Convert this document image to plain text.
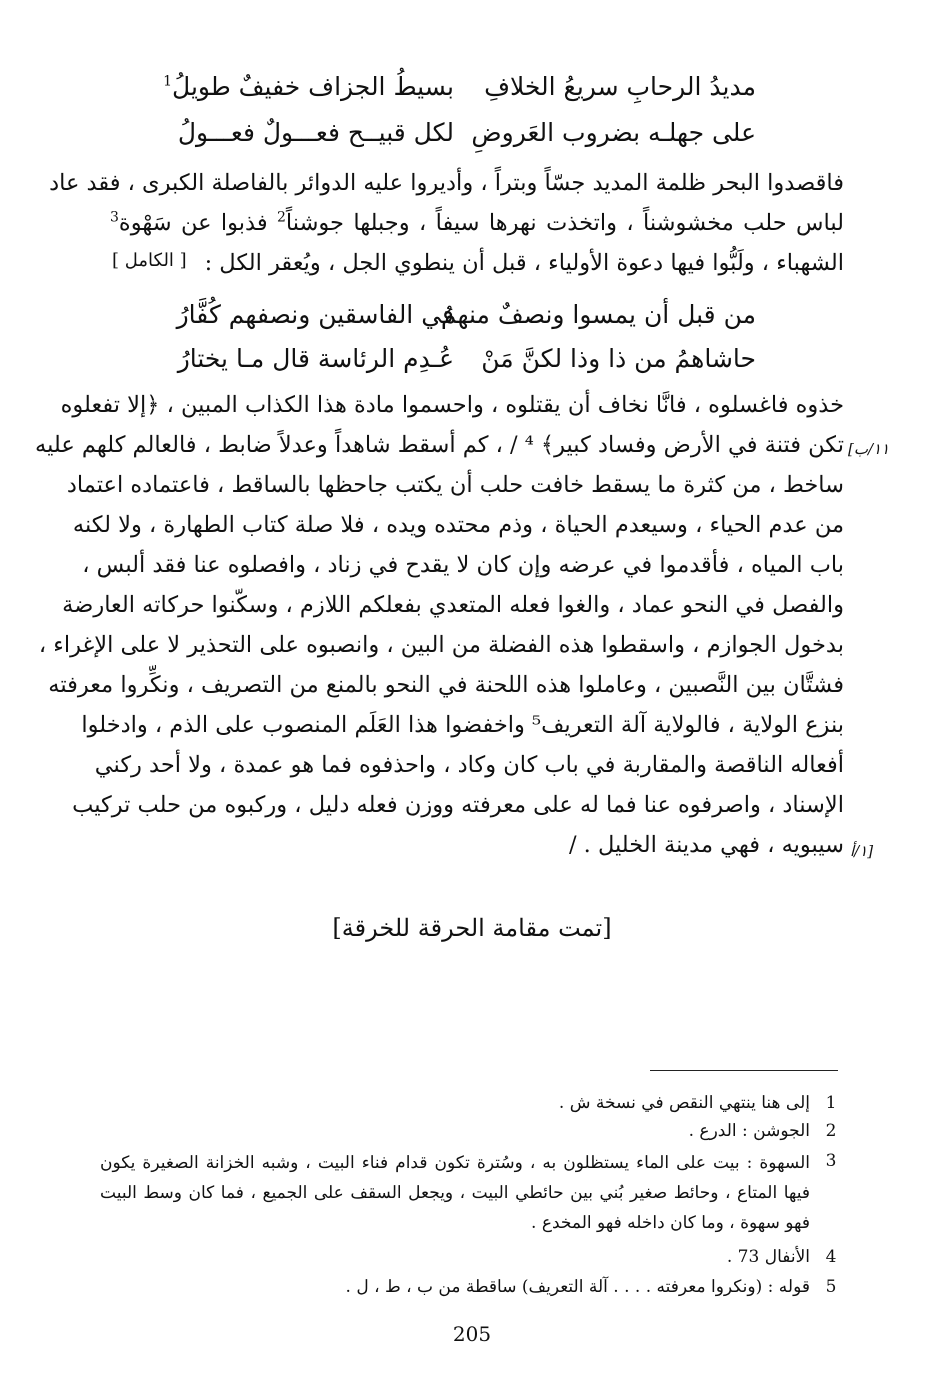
مديدُ الرحابِ سريعُ الخلافِ
بسيطُ الجزاف خفيفٌ طويلُ$^1$
على جهلـه بضروب العَروضِ
لكل قبيــح فعـــولٌ فعـــولُ
فاقصدوا البحر ظلمة المديد جسّاً وبتراً ، وأديروا عليه الدوائر بالفاصلة الكبرى ، فقد عاد
لباس حلب مخشوشناً ، واتخذت نهرها سيفاً ، وجبلها جوشناً$^2$ فذبوا عن سَهْوة$^3$
الشهباء ، ولَبُّوا فيها دعوة الأولياء ، قبل أن ينطوي الجل ، ويُعقر الكل :
[ الكامل ]
من قبل أن يمسوا ونصفٌ منهمُ
في الفاسقين ونصفهم كُفَّارُ
حاشاهمُ من ذا وذا لكنَّ مَنْ
عُـدِم الرئاسة قال مـا يختارُ
خذوه فاغسلوه ، فانَّا نخاف أن يقتلوه ، واحسموا مادة هذا الكذاب المبين ، ﴿إلا تفعلوه
تكن فتنة في الأرض وفساد كبير﴾ ⁴ / ، كم أسقط شاهداً وعدلاً ضابط ، فالعالم كلهم عليه
ساخط ، من كثرة ما يسقط خافت حلب أن يكتب جاحظها بالساقط ، فاعتماده اعتماد
من عدم الحياء ، وسيعدم الحياة ، وذم محتده ويده ، فلا صلة كتاب الطهارة ، ولا لكنه
باب المياه ، فأقدموا في عرضه وإن كان لا يقدح في زناد ، وافصلوه عنا فقد ألبس ،
والفصل في النحو عماد ، والغوا فعله المتعدي بفعلكم اللازم ، وسكّنوا حركاته العارضة
بدخول الجوازم ، واسقطوا هذه الفضلة من البين ، وانصبوه على التحذير لا على الإغراء ،
فشتَّان بين النَّصبين ، وعاملوا هذه اللحنة في النحو بالمنع من التصريف ، ونكِّروا معرفته
بنزع الولاية ، فالولاية آلة التعريف⁵ واخفضوا هذا العَلَم المنصوب على الذم ، وادخلوا
أفعاله الناقصة والمقاربة في باب كان وكاد ، واحذفوه فما هو عمدة ، ولا أحد ركني
الإسناد ، واصرفوه عنا فما له على معرفته ووزن فعله دليل ، وركبوه من حلب تركيب
سيبويه ، فهي مدينة الخليل . /
١١/ب]
[١/أ
[تمت مقامة الحرقة للخرقة]
1
إلى هنا ينتهي النقص في نسخة ش .
2
الجوشن : الدرع .
3
السهوة : بيت على الماء يستظلون به ، وسُترة تكون قدام فناء البيت ، وشبه الخزانة الصغيرة يكون فيها المتاع ، وحائط صغير بُني بين حائطي البيت ، ويجعل السقف على الجميع ، فما كان وسط البيت فهو سهوة ، وما كان داخله فهو المخدع .
4
الأنفال 73 .
5
قوله : (ونكروا معرفته . . . . آلة التعريف) ساقطة من ب ، ط ، ل .
205
